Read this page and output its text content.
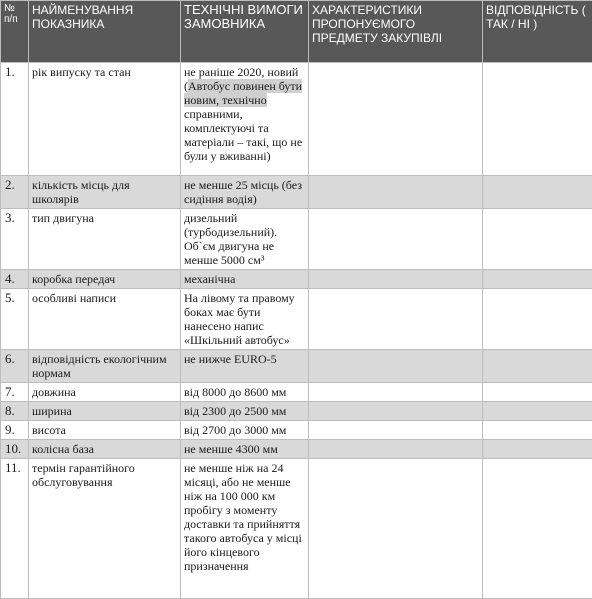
№ п/п	НАЙМЕНУВАННЯ ПОКАЗНИКА	ТЕХНІЧНІ ВИМОГИ ЗАМОВНИКА	ХАРАКТЕРИСТИКИ ПРОПОНУЄМОГО ПРЕДМЕТУ ЗАКУПІВЛІ	ВІДПОВІДНІСТЬ ( ТАК / НІ )
1.	рік випуску та стан	не раніше 2020, новий (Автобус повинен бути новим, технічно справними, комплектуючі та матеріали – такі, що не були у вживанні)		
2.	кількість місць для школярів	не менше 25 місць (без сидіння водія)		
3.	тип двигуна	дизельний (турбодизельний). Об`єм двигуна не менше 5000 см³		
4.	коробка передач	механічна		
5.	особливі написи	На лівому та правому боках має бути нанесено напис «Шкільний автобус»		
6.	відповідність екологічним нормам	не нижче EURO-5		
7.	довжина	від 8000 до 8600 мм		
8.	ширина	від 2300 до 2500 мм		
9.	висота	від 2700 до 3000 мм		
10.	колісна база	не менше 4300 мм		
11.	термін гарантійного обслуговування	не менше ніж на 24 місяці, або не менше ніж на 100 000 км пробігу з моменту доставки та прийняття такого автобуса у місці його кінцевого призначення		
